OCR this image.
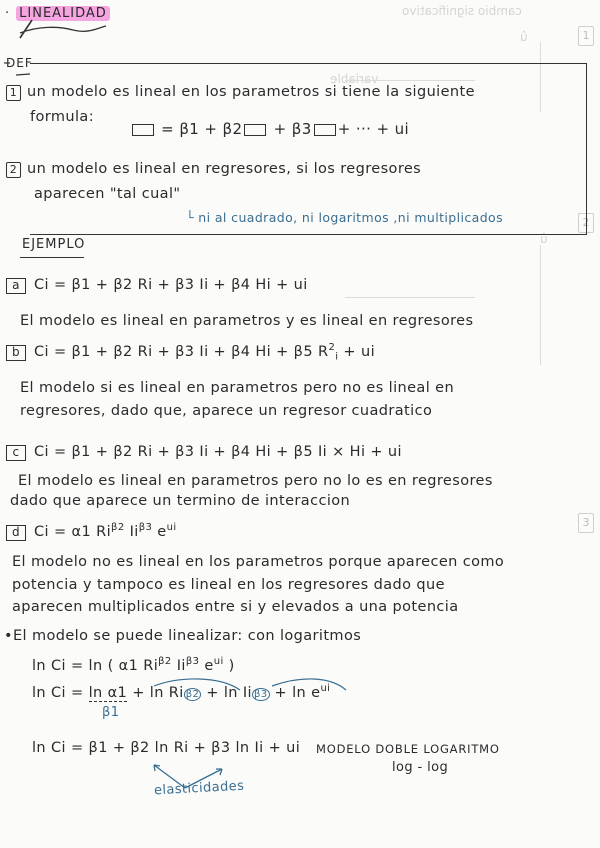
cambio significativo
variable
û
û
1
2
3
· LINEALIDAD
DEF
1 un modelo es lineal en los parametros si tiene la siguiente
formula:
= β1 + β2 + β3 + ··· + ui
2 un modelo es lineal en regresores, si los regresores
aparecen "tal cual"
└ ni al cuadrado, ni logaritmos ,ni multiplicados
EJEMPLO
a Ci = β1 + β2 Ri + β3 Ii + β4 Hi + ui
El modelo es lineal en parametros y es lineal en regresores
b Ci = β1 + β2 Ri + β3 Ii + β4 Hi + β5 $R^2_i$ + ui
El modelo si es lineal en parametros pero no es lineal en
regresores, dado que, aparece un regresor cuadratico
c Ci = β1 + β2 Ri + β3 Ii + β4 Hi + β5 Ii × Hi + ui
El modelo es lineal en parametros pero no lo es en regresores
dado que aparece un termino de interaccion
d Ci = α1 $Ri^{\beta 2}$ $Ii^{\beta 3}$ $e^{ui}$
El modelo no es lineal en los parametros porque aparecen como
potencia y tampoco es lineal en los regresores dado que
aparecen multiplicados entre si y elevados a una potencia
•El modelo se puede linealizar: con logaritmos
ln Ci = ln ( α1 $Ri^{\beta 2}$ $Ii^{\beta 3}$ $e^{ui}$ )
ln Ci = ln α1 + ln Ri β2 + ln Ii $\beta 3 + \ln e^{ui}$
β1
ln Ci = β1 + β2 ln Ri + β3 ln Ii + ui MODELO DOBLE LOGARITMO
log - log
elasticidades
